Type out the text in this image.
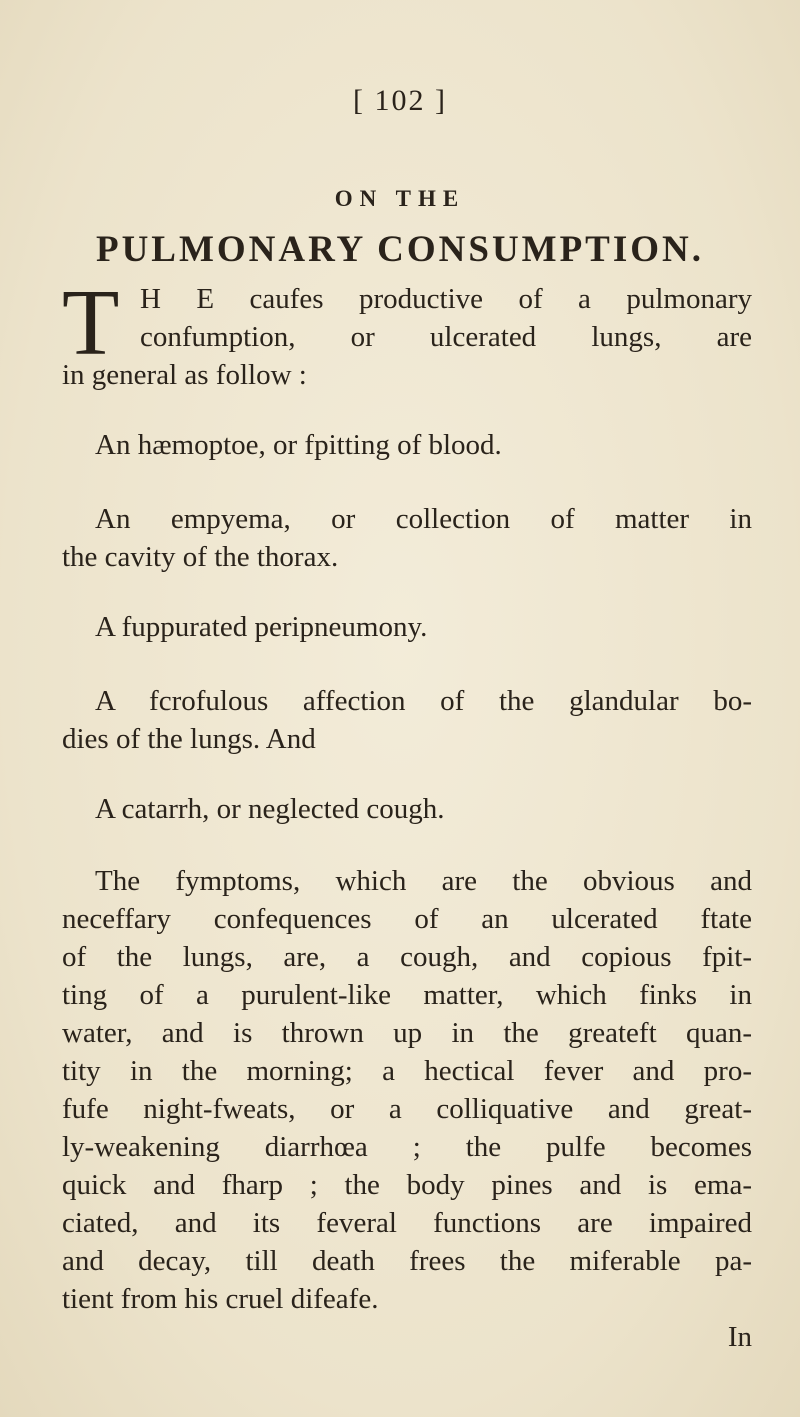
[ 102 ]
ON THE
PULMONARY CONSUMPTION.
T H E caufes productive of a pulmonary
confumption, or ulcerated lungs, are
in general as follow :
An hæmoptoe, or fpitting of blood.
An empyema, or collection of matter in
the cavity of the thorax.
A fuppurated peripneumony.
A fcrofulous affection of the glandular bo-
dies of the lungs. And
A catarrh, or neglected cough.
The fymptoms, which are the obvious and
neceffary confequences of an ulcerated ftate
of the lungs, are, a cough, and copious fpit-
ting of a purulent-like matter, which finks in
water, and is thrown up in the greateft quan-
tity in the morning; a hectical fever and pro-
fufe night-fweats, or a colliquative and great-
ly-weakening diarrhœa ; the pulfe becomes
quick and fharp ; the body pines and is ema-
ciated, and its feveral functions are impaired
and decay, till death frees the miferable pa-
tient from his cruel difeafe.
In
